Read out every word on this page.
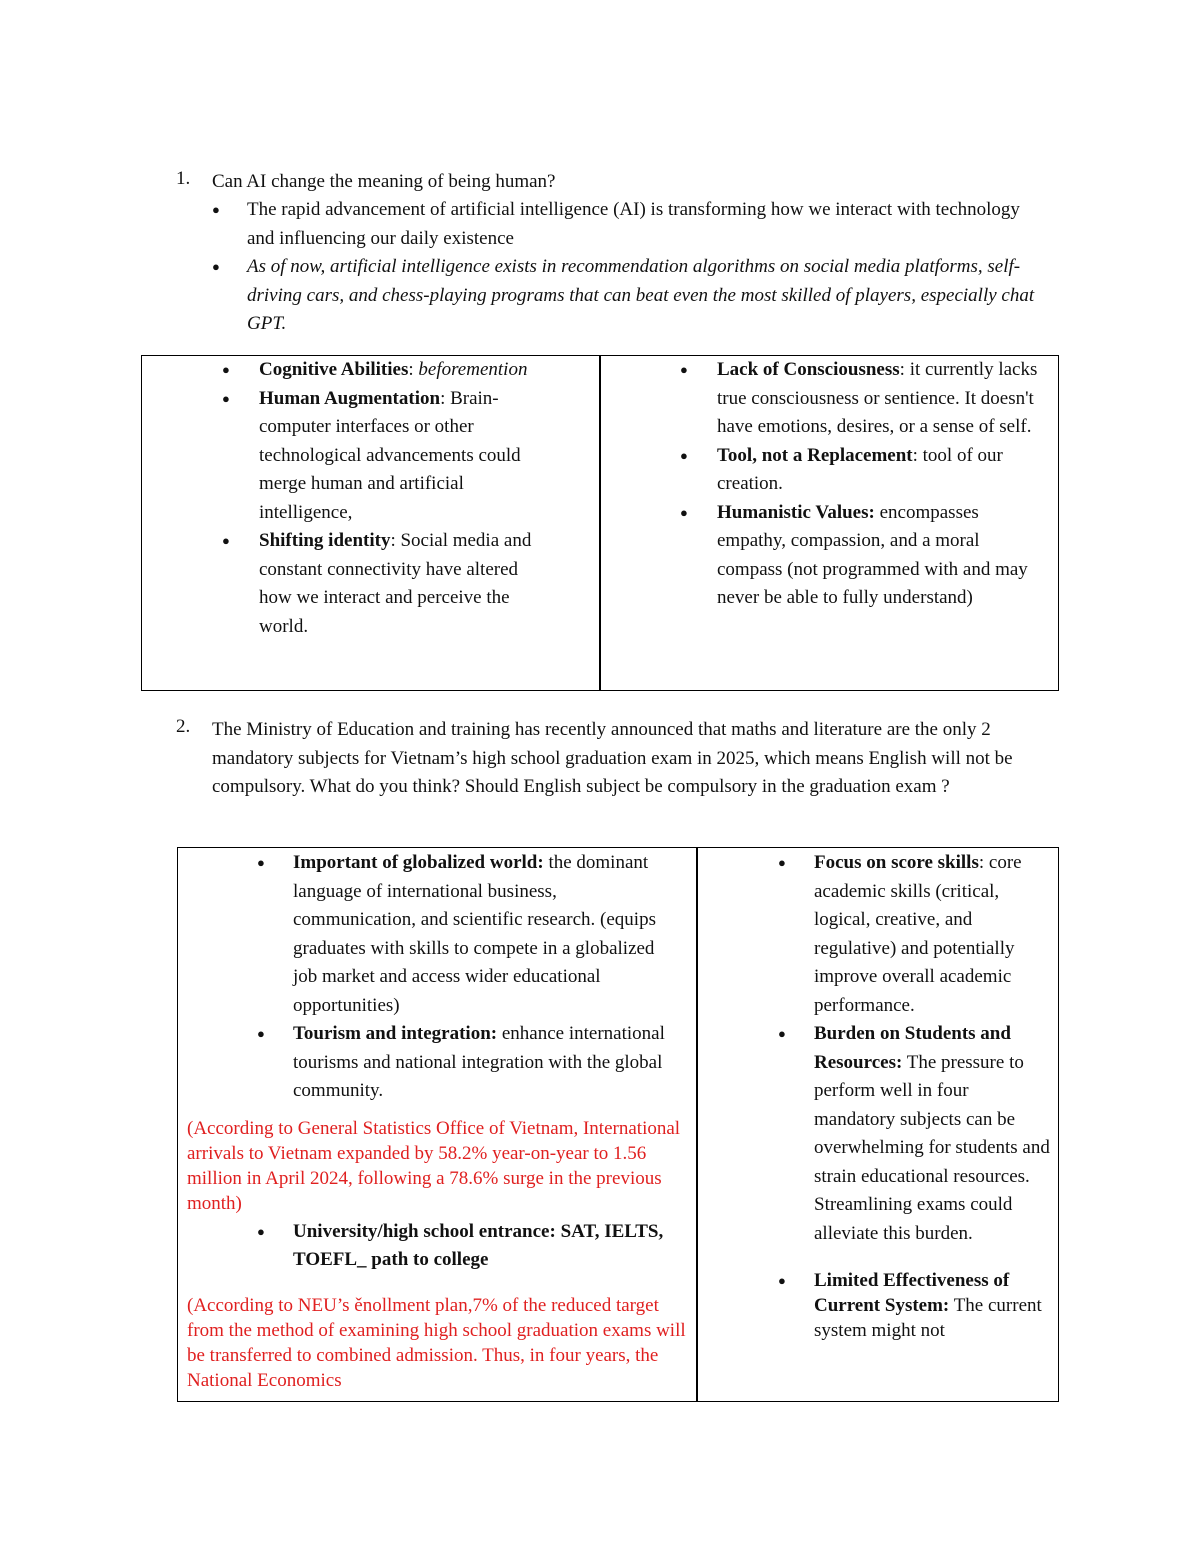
1. Can AI change the meaning of being human?
● The rapid advancement of artificial intelligence (AI) is transforming how we interact with technology and influencing our daily existence

● As of now, artificial intelligence exists in recommendation algorithms on social media platforms, self-driving cars, and chess-playing programs that can beat even the most skilled of players, especially chat GPT.

● Cognitive Abilities: beforemention
● Human Augmentation: Brain-computer interfaces or other technological advancements could merge human and artificial intelligence,
● Shifting identity: Social media and constant connectivity have altered how we interact and perceive the world.
● Lack of Consciousness: it currently lacks true consciousness or sentience. It doesn't have emotions, desires, or a sense of self.
● Tool, not a Replacement: tool of our creation.
● Humanistic Values: encompasses empathy, compassion, and a moral compass (not programmed with and may never be able to fully understand)
2. The Ministry of Education and training has recently announced that maths and literature are the only 2 mandatory subjects for Vietnam’s high school graduation exam in 2025, which means English will not be compulsory. What do you think? Should English subject be compulsory in the graduation exam ?
● Important of globalized world: the dominant language of international business, communication, and scientific research. (equips graduates with skills to compete in a globalized job market and access wider educational opportunities)
● Tourism and integration: enhance international tourisms and national integration with the global community.
(According to General Statistics Office of Vietnam, International arrivals to Vietnam expanded by 58.2% year-on-year to 1.56 million in April 2024, following a 78.6% surge in the previous month)
● University/high school entrance: SAT, IELTS, TOEFL_ path to college
(According to NEU’s ěnollment plan,7% of the reduced target from the method of examining high school graduation exams will be transferred to combined admission. Thus, in four years, the National Economics
● Focus on score skills: core academic skills (critical, logical, creative, and regulative) and potentially improve overall academic performance.
● Burden on Students and Resources: The pressure to perform well in four mandatory subjects can be overwhelming for students and strain educational resources. Streamlining exams could alleviate this burden.
● Limited Effectiveness of Current System: The current system might not
